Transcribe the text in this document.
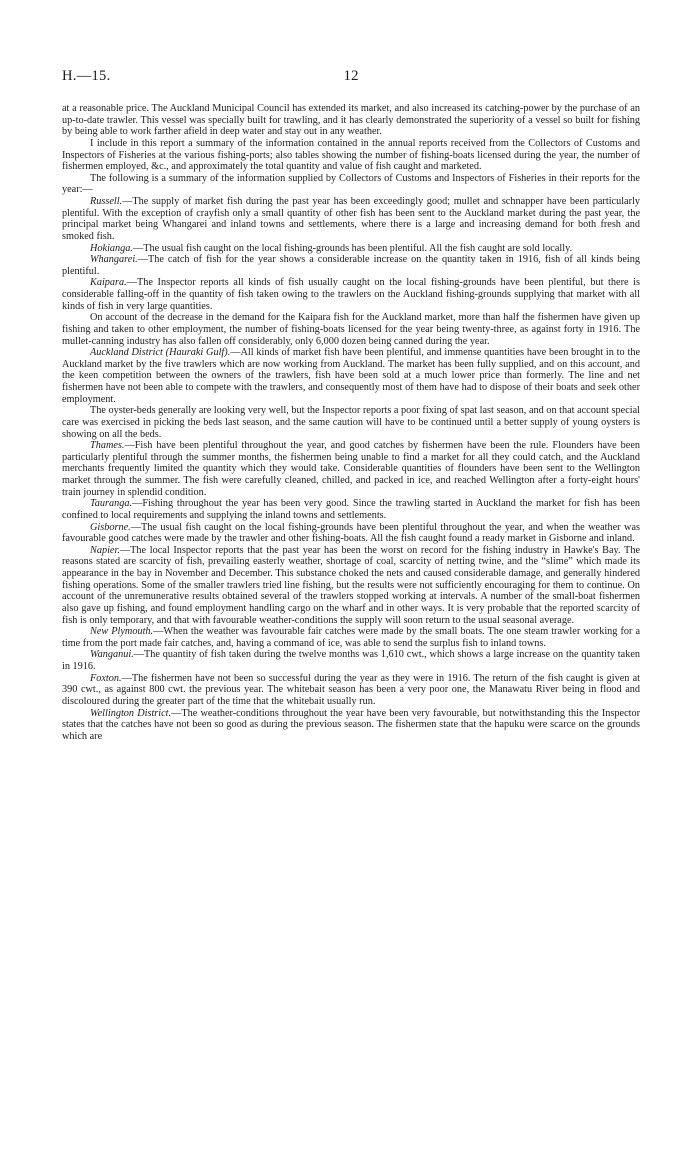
H.—15.	12

at a reasonable price. The Auckland Municipal Council has extended its market, and also increased its catching-power by the purchase of an up-to-date trawler. This vessel was specially built for trawling, and it has clearly demonstrated the superiority of a vessel so built for fishing by being able to work farther afield in deep water and stay out in any weather.

I include in this report a summary of the information contained in the annual reports received from the Collectors of Customs and Inspectors of Fisheries at the various fishing-ports; also tables showing the number of fishing-boats licensed during the year, the number of fishermen employed, &c., and approximately the total quantity and value of fish caught and marketed.

The following is a summary of the information supplied by Collectors of Customs and Inspectors of Fisheries in their reports for the year:—

Russell.—The supply of market fish during the past year has been exceedingly good; mullet and schnapper have been particularly plentiful. With the exception of crayfish only a small quantity of other fish has been sent to the Auckland market during the past year, the principal market being Whangarei and inland towns and settlements, where there is a large and increasing demand for both fresh and smoked fish.

Hokianga.—The usual fish caught on the local fishing-grounds has been plentiful. All the fish caught are sold locally.

Whangarei.—The catch of fish for the year shows a considerable increase on the quantity taken in 1916, fish of all kinds being plentiful.

Kaipara.—The Inspector reports all kinds of fish usually caught on the local fishing-grounds have been plentiful, but there is considerable falling-off in the quantity of fish taken owing to the trawlers on the Auckland fishing-grounds supplying that market with all kinds of fish in very large quantities.

On account of the decrease in the demand for the Kaipara fish for the Auckland market, more than half the fishermen have given up fishing and taken to other employment, the number of fishing-boats licensed for the year being twenty-three, as against forty in 1916. The mullet-canning industry has also fallen off considerably, only 6,000 dozen being canned during the year.

Auckland District (Hauraki Gulf).—All kinds of market fish have been plentiful, and immense quantities have been brought in to the Auckland market by the five trawlers which are now working from Auckland. The market has been fully supplied, and on this account, and the keen competition between the owners of the trawlers, fish have been sold at a much lower price than formerly. The line and net fishermen have not been able to compete with the trawlers, and consequently most of them have had to dispose of their boats and seek other employment.

The oyster-beds generally are looking very well, but the Inspector reports a poor fixing of spat last season, and on that account special care was exercised in picking the beds last season, and the same caution will have to be continued until a better supply of young oysters is showing on all the beds.

Thames.—Fish have been plentiful throughout the year, and good catches by fishermen have been the rule. Flounders have been particularly plentiful through the summer months, the fishermen being unable to find a market for all they could catch, and the Auckland merchants frequently limited the quantity which they would take. Considerable quantities of flounders have been sent to the Wellington market through the summer. The fish were carefully cleaned, chilled, and packed in ice, and reached Wellington after a forty-eight hours' train journey in splendid condition.

Tauranga.—Fishing throughout the year has been very good. Since the trawling started in Auckland the market for fish has been confined to local requirements and supplying the inland towns and settlements.

Gisborne.—The usual fish caught on the local fishing-grounds have been plentiful throughout the year, and when the weather was favourable good catches were made by the trawler and other fishing-boats. All the fish caught found a ready market in Gisborne and inland.

Napier.—The local Inspector reports that the past year has been the worst on record for the fishing industry in Hawke's Bay. The reasons stated are scarcity of fish, prevailing easterly weather, shortage of coal, scarcity of netting twine, and the “slime” which made its appearance in the bay in November and December. This substance choked the nets and caused considerable damage, and generally hindered fishing operations. Some of the smaller trawlers tried line fishing, but the results were not sufficiently encouraging for them to continue. On account of the unremunerative results obtained several of the trawlers stopped working at intervals. A number of the small-boat fishermen also gave up fishing, and found employment handling cargo on the wharf and in other ways. It is very probable that the reported scarcity of fish is only temporary, and that with favourable weather-conditions the supply will soon return to the usual seasonal average.

New Plymouth.—When the weather was favourable fair catches were made by the small boats. The one steam trawler working for a time from the port made fair catches, and, having a command of ice, was able to send the surplus fish to inland towns.

Wanganui.—The quantity of fish taken during the twelve months was 1,610 cwt., which shows a large increase on the quantity taken in 1916.

Foxton.—The fishermen have not been so successful during the year as they were in 1916. The return of the fish caught is given at 390 cwt., as against 800 cwt. the previous year. The whitebait season has been a very poor one, the Manawatu River being in flood and discoloured during the greater part of the time that the whitebait usually run.

Wellington District.—The weather-conditions throughout the year have been very favourable, but notwithstanding this the Inspector states that the catches have not been so good as during the previous season. The fishermen state that the hapuku were scarce on the grounds which are
